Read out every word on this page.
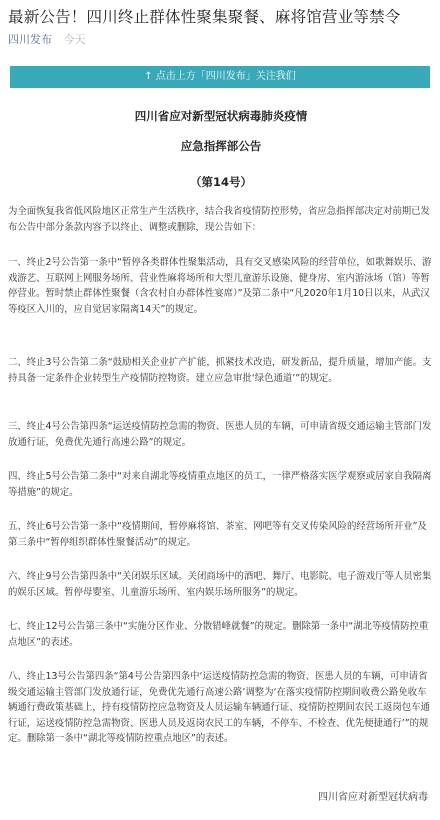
最新公告！四川终止群体性聚集聚餐、麻将馆营业等禁令
四川发布 今天
↑ 点击上方「四川发布」关注我们
四川省应对新型冠状病毒肺炎疫情
应急指挥部公告
（第14号）
为全面恢复我省低风险地区正常生产生活秩序，结合我省疫情防控形势，省应急指挥部决定对前期已发布公告中部分条款内容予以终止、调整或删除，现公告如下：
一、终止2号公告第一条中“暂停各类群体性聚集活动，具有交叉感染风险的经营单位，如歌舞娱乐、游戏游艺、互联网上网服务场所、营业性麻将场所和大型儿童游乐设施、健身房、室内游泳场（馆）等暂停营业。暂时禁止群体性聚餐（含农村自办群体性宴席）”及第二条中“凡2020年1月10日以来，从武汉等疫区入川的，应自觉居家隔离14天”的规定。
二、终止3号公告第二条“鼓励相关企业扩产扩能，抓紧技术改造，研发新品，提升质量，增加产能。支持具备一定条件企业转型生产疫情防控物资。建立应急审批‘绿色通道’”的规定。
三、终止4号公告第四条“运送疫情防控急需的物资、医患人员的车辆，可申请省级交通运输主管部门发放通行证，免费优先通行高速公路”的规定。
四、终止5号公告第二条中“对来自湖北等疫情重点地区的员工，一律严格落实医学观察或居家自我隔离等措施”的规定。
五、终止6号公告第一条中“疫情期间，暂停麻将馆、茶室、网吧等有交叉传染风险的经营场所开业”及第三条中“暂停组织群体性聚餐活动”的规定。
六、终止9号公告第四条中“关闭娱乐区域。关闭商场中的酒吧、舞厅、电影院、电子游戏厅等人员密集的娱乐区域。暂停母婴室、儿童游乐场所、室内娱乐场所服务”的规定。
七、终止12号公告第三条中“实施分区作业、分散错峰就餐”的规定。删除第一条中“湖北等疫情防控重点地区”的表述。
八、终止13号公告第四条“第4号公告第四条中‘运送疫情防控急需的物资、医患人员的车辆，可申请省级交通运输主管部门发放通行证，免费优先通行高速公路’调整为‘在落实疫情防控期间收费公路免收车辆通行费政策基础上，持有疫情防控应急物资及人员运输车辆通行证、疫情防控期间农民工返岗包车通行证，运送疫情防控急需物资、医患人员及返岗农民工的车辆，不停车、不检查、优先便捷通行’”的规定。删除第一条中“湖北等疫情防控重点地区”的表述。
四川省应对新型冠状病毒
